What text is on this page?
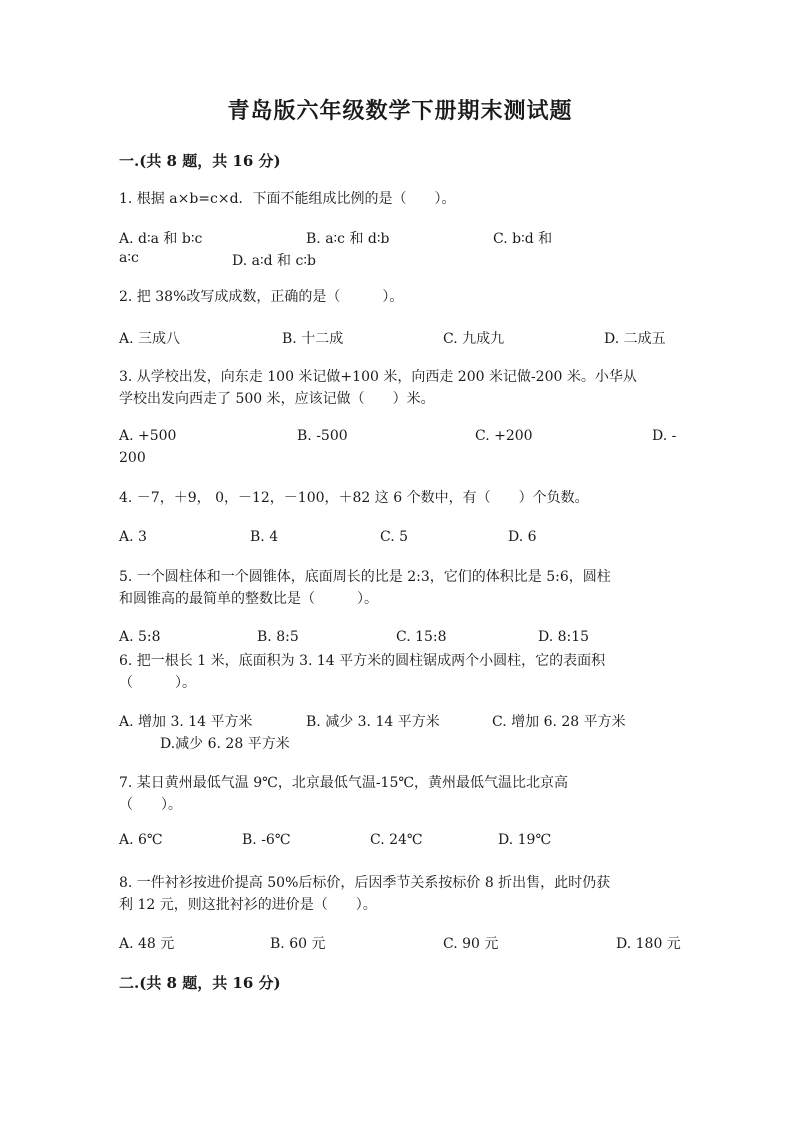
青岛版六年级数学下册期末测试题
一.(共 8 题，共 16 分)
1. 根据 a×b=c×d．下面不能组成比例的是（　　）。
A. d∶a 和 b∶c	B. a∶c 和 d∶b	C. b∶d 和
a∶c	D. a∶d 和 c∶b
2. 把 38%改写成成数，正确的是（　　　）。
A. 三成八	B. 十二成	C. 九成九	D. 二成五
3. 从学校出发，向东走 100 米记做+100 米，向西走 200 米记做-200 米。小华从
学校出发向西走了 500 米，应该记做（　　）米。
A. +500	B. -500	C. +200	D. -
200
4. －7，＋9， 0，－12，－100，＋82 这 6 个数中，有（　　）个负数。
A. 3	B. 4	C. 5	D. 6
5. 一个圆柱体和一个圆锥体，底面周长的比是 2:3，它们的体积比是 5:6，圆柱
和圆锥高的最简单的整数比是（　　　）。
A. 5:8	B. 8:5	C. 15:8	D. 8:15
6. 把一根长 1 米，底面积为 3. 14 平方米的圆柱锯成两个小圆柱，它的表面积
（　　　）。
A. 增加 3. 14 平方米	B. 减少 3. 14 平方米	C. 增加 6. 28 平方米
D.减少 6. 28 平方米
7. 某日黄州最低气温 9℃，北京最低气温-15℃，黄州最低气温比北京高
（　　）。
A. 6℃	B. -6℃	C. 24℃	D. 19℃
8. 一件衬衫按进价提高 50%后标价，后因季节关系按标价 8 折出售，此时仍获
利 12 元，则这批衬衫的进价是（　　）。
A. 48 元	B. 60 元	C. 90 元	D. 180 元
二.(共 8 题，共 16 分)
